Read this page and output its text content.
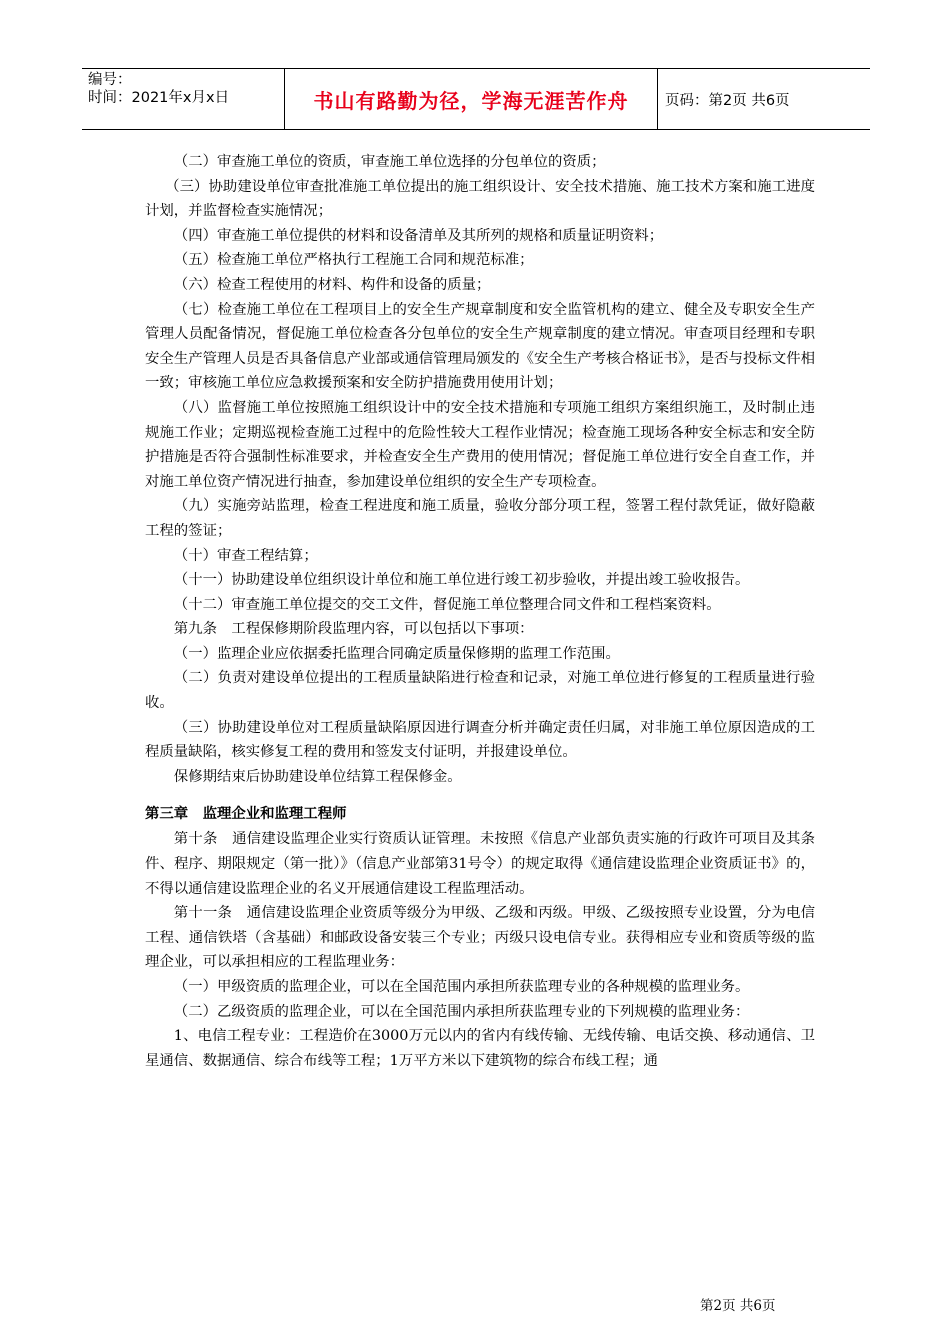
编号：
时间：2021年x月x日	书山有路勤为径，学海无涯苦作舟	页码：第2页 共6页

（二）审查施工单位的资质，审查施工单位选择的分包单位的资质；

（三）协助建设单位审查批准施工单位提出的施工组织设计、安全技术措施、施工技术方案和施工进度计划，并监督检查实施情况；

（四）审查施工单位提供的材料和设备清单及其所列的规格和质量证明资料；

（五）检查施工单位严格执行工程施工合同和规范标准；

（六）检查工程使用的材料、构件和设备的质量；

（七）检查施工单位在工程项目上的安全生产规章制度和安全监管机构的建立、健全及专职安全生产管理人员配备情况，督促施工单位检查各分包单位的安全生产规章制度的建立情况。审查项目经理和专职安全生产管理人员是否具备信息产业部或通信管理局颁发的《安全生产考核合格证书》，是否与投标文件相一致；审核施工单位应急救援预案和安全防护措施费用使用计划；

（八）监督施工单位按照施工组织设计中的安全技术措施和专项施工组织方案组织施工，及时制止违规施工作业；定期巡视检查施工过程中的危险性较大工程作业情况；检查施工现场各种安全标志和安全防护措施是否符合强制性标准要求，并检查安全生产费用的使用情况；督促施工单位进行安全自查工作，并对施工单位资产情况进行抽查，参加建设单位组织的安全生产专项检查。

（九）实施旁站监理，检查工程进度和施工质量，验收分部分项工程，签署工程付款凭证，做好隐蔽工程的签证；

（十）审查工程结算；

（十一）协助建设单位组织设计单位和施工单位进行竣工初步验收，并提出竣工验收报告。

（十二）审查施工单位提交的交工文件，督促施工单位整理合同文件和工程档案资料。

第九条　工程保修期阶段监理内容，可以包括以下事项：

（一）监理企业应依据委托监理合同确定质量保修期的监理工作范围。

（二）负责对建设单位提出的工程质量缺陷进行检查和记录，对施工单位进行修复的工程质量进行验收。

（三）协助建设单位对工程质量缺陷原因进行调查分析并确定责任归属，对非施工单位原因造成的工程质量缺陷，核实修复工程的费用和签发支付证明，并报建设单位。

保修期结束后协助建设单位结算工程保修金。

第三章　监理企业和监理工程师

第十条　通信建设监理企业实行资质认证管理。未按照《信息产业部负责实施的行政许可项目及其条件、程序、期限规定（第一批）》（信息产业部第31号令）的规定取得《通信建设监理企业资质证书》的，不得以通信建设监理企业的名义开展通信建设工程监理活动。

第十一条　通信建设监理企业资质等级分为甲级、乙级和丙级。甲级、乙级按照专业设置，分为电信工程、通信铁塔（含基础）和邮政设备安装三个专业；丙级只设电信专业。获得相应专业和资质等级的监理企业，可以承担相应的工程监理业务：

（一）甲级资质的监理企业，可以在全国范围内承担所获监理专业的各种规模的监理业务。

（二）乙级资质的监理企业，可以在全国范围内承担所获监理专业的下列规模的监理业务：

1、电信工程专业：工程造价在3000万元以内的省内有线传输、无线传输、电话交换、移动通信、卫星通信、数据通信、综合布线等工程；1万平方米以下建筑物的综合布线工程；通

第2页 共6页
